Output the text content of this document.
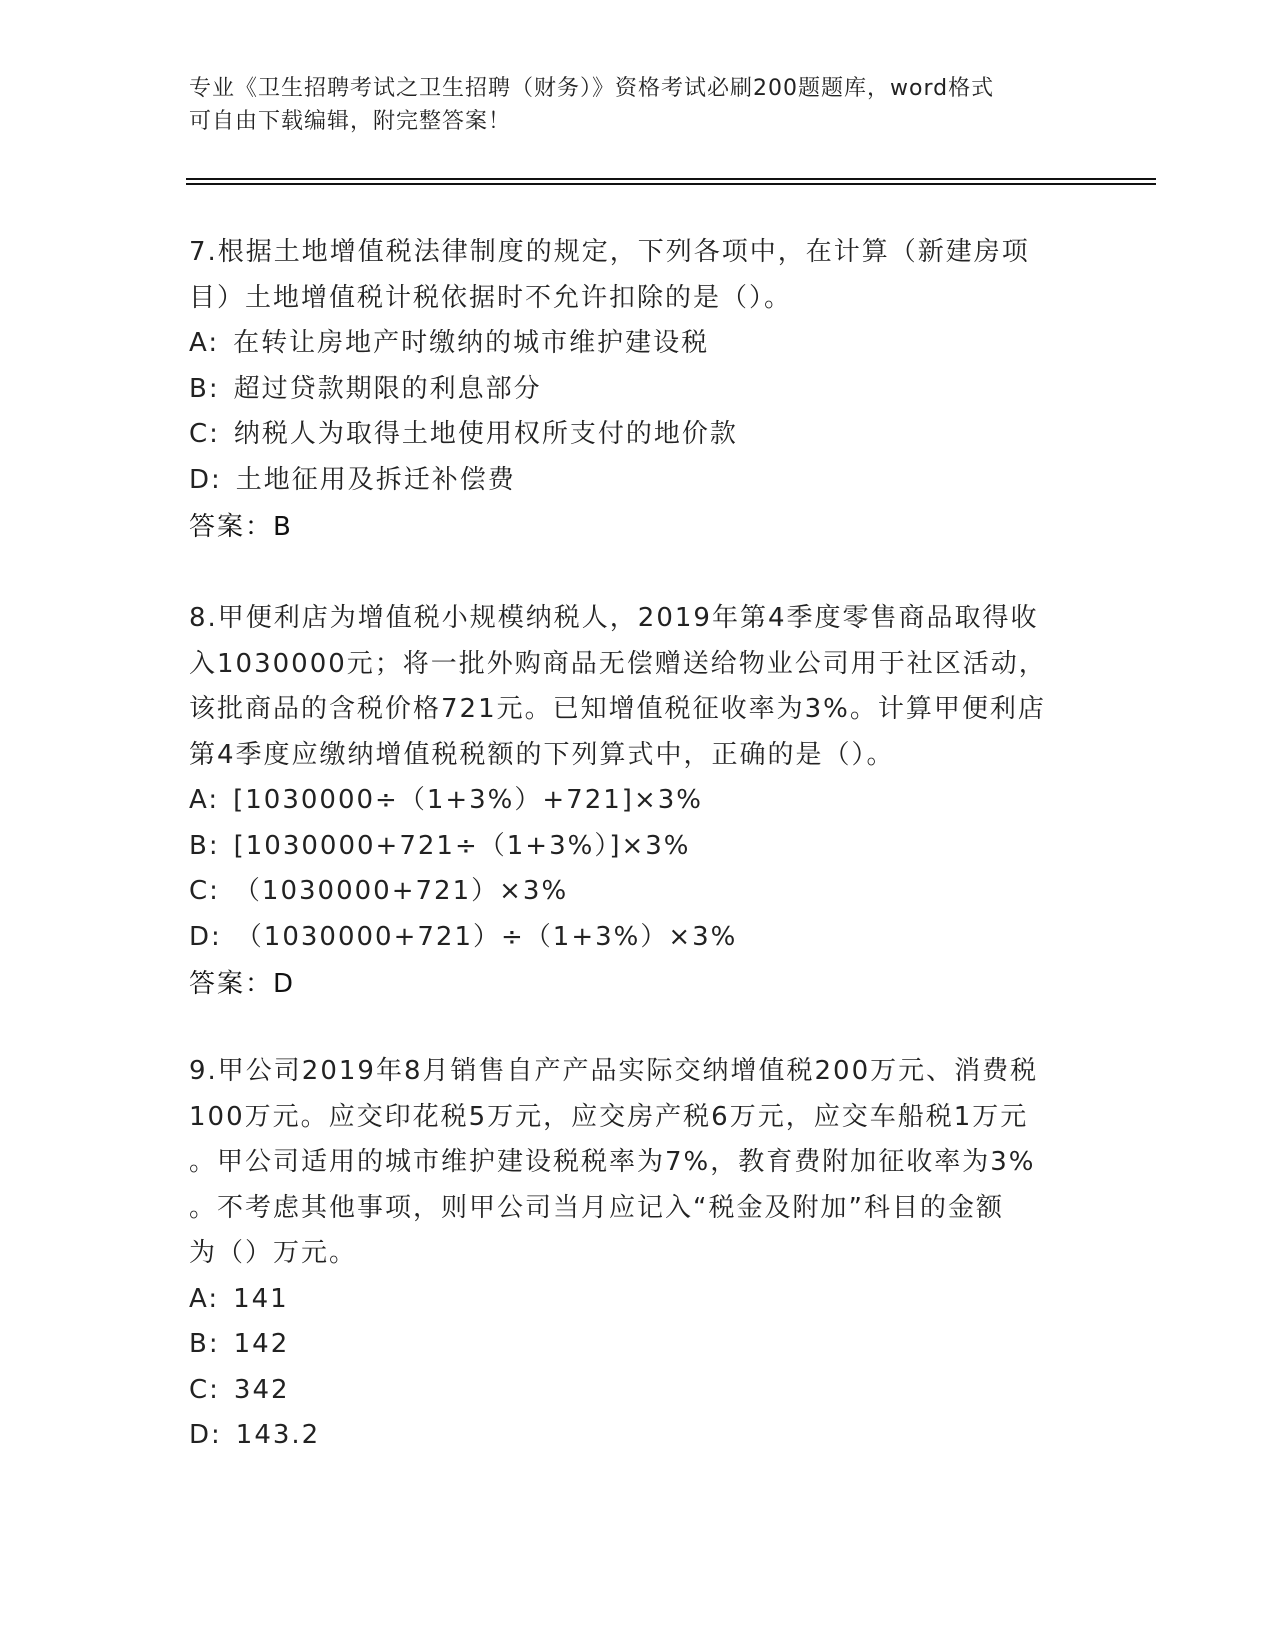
专业《卫生招聘考试之卫生招聘（财务）》资格考试必刷200题题库，word格式
可自由下载编辑，附完整答案！
7.根据土地增值税法律制度的规定，下列各项中，在计算（新建房项
目）土地增值税计税依据时不允许扣除的是（）。
A: 在转让房地产时缴纳的城市维护建设税
B: 超过贷款期限的利息部分
C: 纳税人为取得土地使用权所支付的地价款
D: 土地征用及拆迁补偿费
答案：B
8.甲便利店为增值税小规模纳税人，2019年第4季度零售商品取得收
入1030000元；将一批外购商品无偿赠送给物业公司用于社区活动，
该批商品的含税价格721元。已知增值税征收率为3%。计算甲便利店
第4季度应缴纳增值税税额的下列算式中，正确的是（）。
A: [1030000÷（1+3%）+721]×3%
B: [1030000+721÷（1+3%）]×3%
C: （1030000+721）×3%
D: （1030000+721）÷（1+3%）×3%
答案：D
9.甲公司2019年8月销售自产产品实际交纳增值税200万元、消费税
100万元。应交印花税5万元，应交房产税6万元，应交车船税1万元
。甲公司适用的城市维护建设税税率为7%，教育费附加征收率为3%
。不考虑其他事项，则甲公司当月应记入“税金及附加”科目的金额
为（）万元。
A: 141
B: 142
C: 342
D: 143.2
